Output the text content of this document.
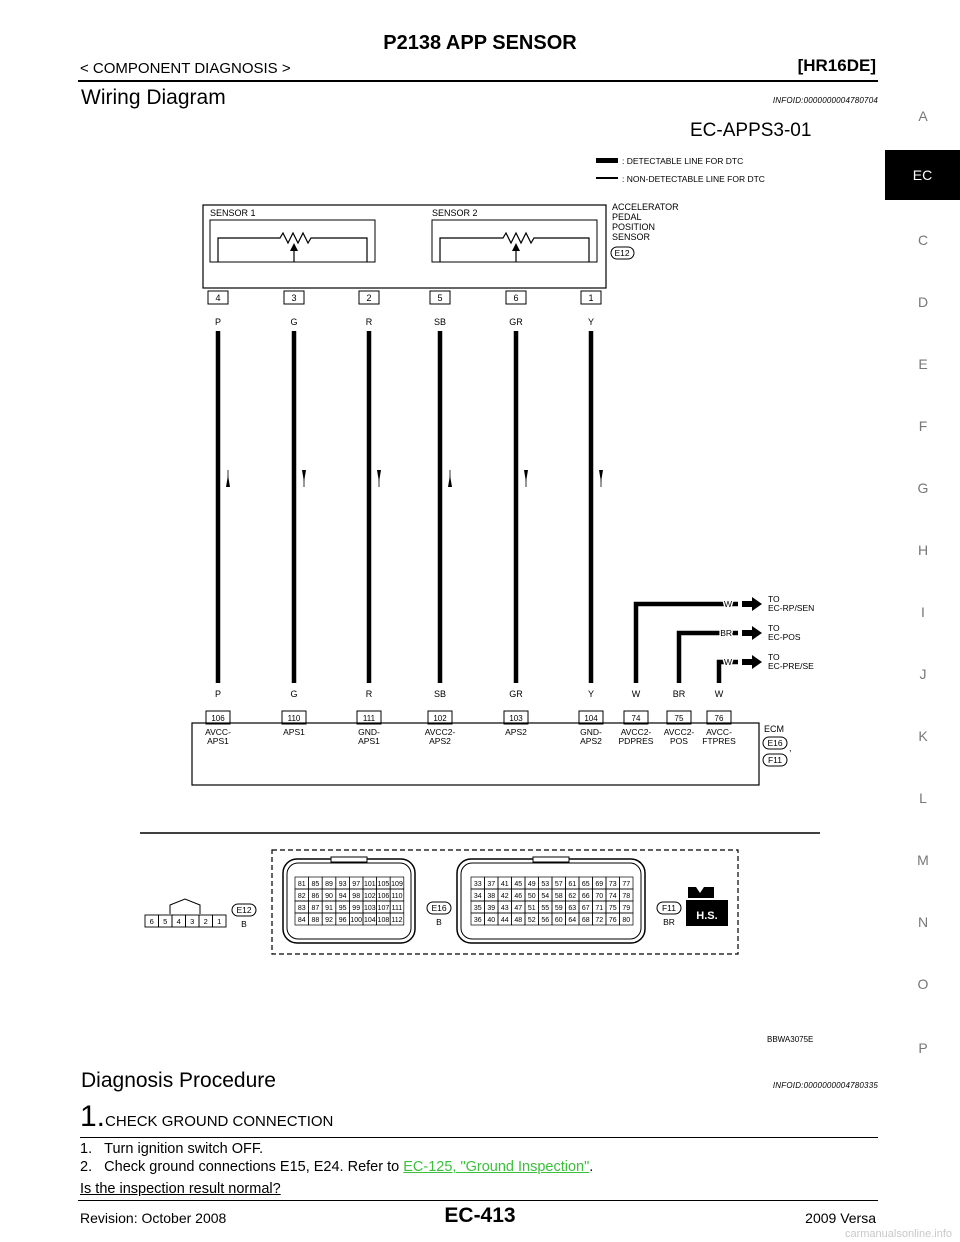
P2138 APP SENSOR
< COMPONENT DIAGNOSIS >	[HR16DE]
Wiring Diagram	INFOID:0000000004780704
EC-APPS3-01
: DETECTABLE LINE FOR DTC
: NON-DETECTABLE LINE FOR DTC
SENSOR 1	SENSOR 2
ACCELERATOR
PEDAL
POSITION
SENSOR
E12
4
P
P
106
AVCC-
APS1
3
G
G
110
APS1
2
R
R
111
GND-
APS1
5
SB
SB
102
AVCC2-
APS2
6
GR
GR
103
APS2
1
Y
Y
104
GND-
APS2
W	TO
EC-RP/SEN
W
74
AVCC2-
PDPRES
BR	TO
EC-POS
BR
75
AVCC2-
POS
W	TO
EC-PRE/SE
W
76
AVCC-
FTPRES
ECM
E16 ,
F11
6 5 4 3 2 1
E12
B
81 85 89 93 97 101 105 109
82 86 90 94 98 102 106 110
83 87 91 95 99 103 107 111
84 88 92 96 100 104 108 112
E16
B
33 37 41 45 49 53 57 61 65 69 73 77
34 38 42 46 50 54 58 62 66 70 74 78
35 39 43 47 51 55 59 63 67 71 75 79
36 40 44 48 52 56 60 64 68 72 76 80
F11
BR H.S.
BBWA3075E
Diagnosis Procedure	INFOID:0000000004780335
1.CHECK GROUND CONNECTION
1.   Turn ignition switch OFF.
2.   Check ground connections E15, E24. Refer to EC-125, "Ground Inspection".
Is the inspection result normal?
Revision: October 2008	EC-413	2009 Versa
A
C
D
E
F
G
H
I
J
K
L
M
N
O
P
EC
carmanualsonline.info
